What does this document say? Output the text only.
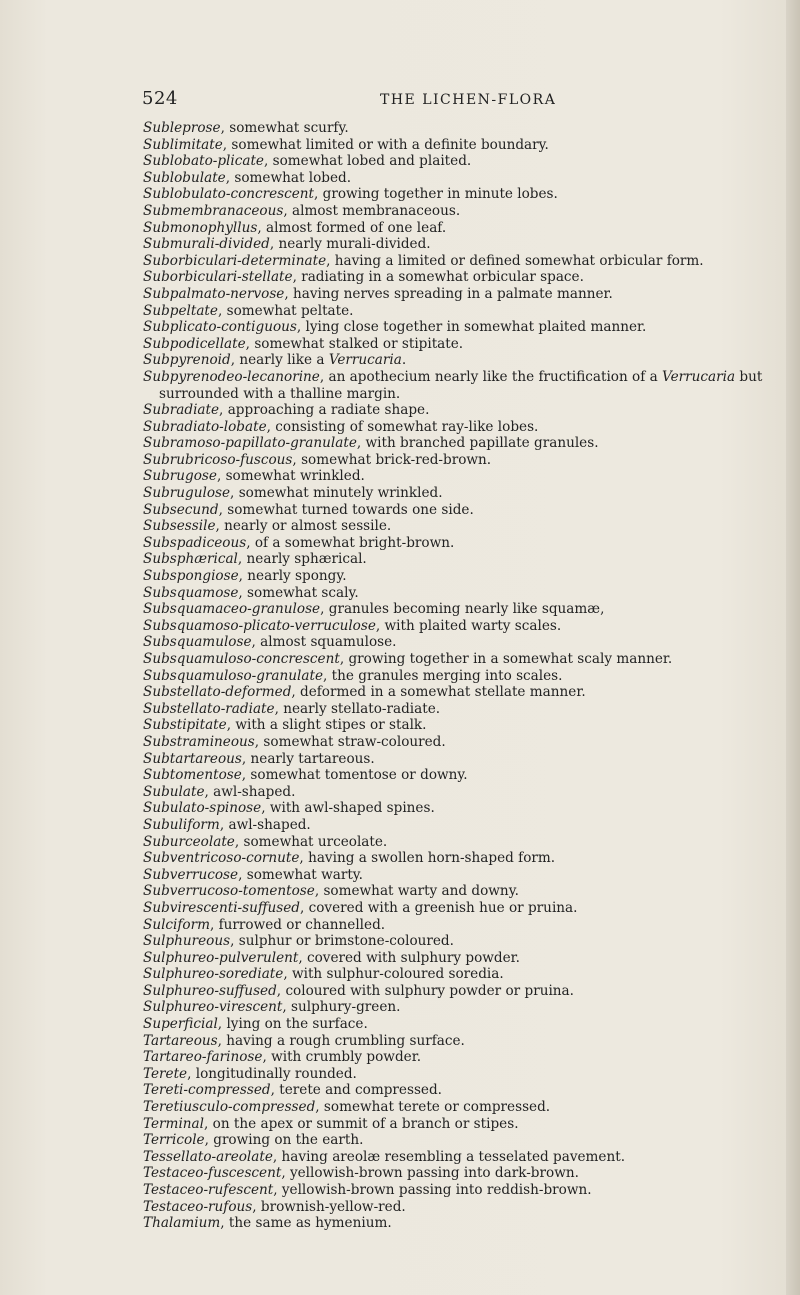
524	THE LICHEN-FLORA
Subleprose, somewhat scurfy.
Sublimitate, somewhat limited or with a definite boundary.
Sublobato-plicate, somewhat lobed and plaited.
Sublobulate, somewhat lobed.
Sublobulato-concrescent, growing together in minute lobes.
Submembranaceous, almost membranaceous.
Submonophyllus, almost formed of one leaf.
Submurali-divided, nearly murali-divided.
Suborbiculari-determinate, having a limited or defined somewhat orbicular form.
Suborbiculari-stellate, radiating in a somewhat orbicular space.
Subpalmato-nervose, having nerves spreading in a palmate manner.
Subpeltate, somewhat peltate.
Subplicato-contiguous, lying close together in somewhat plaited manner.
Subpodicellate, somewhat stalked or stipitate.
Subpyrenoid, nearly like a Verrucaria.
Subpyrenodeo-lecanorine, an apothecium nearly like the fructification of a Verrucaria but surrounded with a thalline margin.
Subradiate, approaching a radiate shape.
Subradiato-lobate, consisting of somewhat ray-like lobes.
Subramoso-papillato-granulate, with branched papillate granules.
Subrubricoso-fuscous, somewhat brick-red-brown.
Subrugose, somewhat wrinkled.
Subrugulose, somewhat minutely wrinkled.
Subsecund, somewhat turned towards one side.
Subsessile, nearly or almost sessile.
Subspadiceous, of a somewhat bright-brown.
Subsphærical, nearly sphærical.
Subspongiose, nearly spongy.
Subsquamose, somewhat scaly.
Subsquamaceo-granulose, granules becoming nearly like squamæ,
Subsquamoso-plicato-verruculose, with plaited warty scales.
Subsquamulose, almost squamulose.
Subsquamuloso-concrescent, growing together in a somewhat scaly manner.
Subsquamuloso-granulate, the granules merging into scales.
Substellato-deformed, deformed in a somewhat stellate manner.
Substellato-radiate, nearly stellato-radiate.
Substipitate, with a slight stipes or stalk.
Substramineous, somewhat straw-coloured.
Subtartareous, nearly tartareous.
Subtomentose, somewhat tomentose or downy.
Subulate, awl-shaped.
Subulato-spinose, with awl-shaped spines.
Subuliform, awl-shaped.
Suburceolate, somewhat urceolate.
Subventricoso-cornute, having a swollen horn-shaped form.
Subverrucose, somewhat warty.
Subverrucoso-tomentose, somewhat warty and downy.
Subvirescenti-suffused, covered with a greenish hue or pruina.
Sulciform, furrowed or channelled.
Sulphureous, sulphur or brimstone-coloured.
Sulphureo-pulverulent, covered with sulphury powder.
Sulphureo-sorediate, with sulphur-coloured soredia.
Sulphureo-suffused, coloured with sulphury powder or pruina.
Sulphureo-virescent, sulphury-green.
Superficial, lying on the surface.
Tartareous, having a rough crumbling surface.
Tartareo-farinose, with crumbly powder.
Terete, longitudinally rounded.
Tereti-compressed, terete and compressed.
Teretiusculo-compressed, somewhat terete or compressed.
Terminal, on the apex or summit of a branch or stipes.
Terricole, growing on the earth.
Tessellato-areolate, having areolæ resembling a tesselated pavement.
Testaceo-fuscescent, yellowish-brown passing into dark-brown.
Testaceo-rufescent, yellowish-brown passing into reddish-brown.
Testaceo-rufous, brownish-yellow-red.
Thalamium, the same as hymenium.
